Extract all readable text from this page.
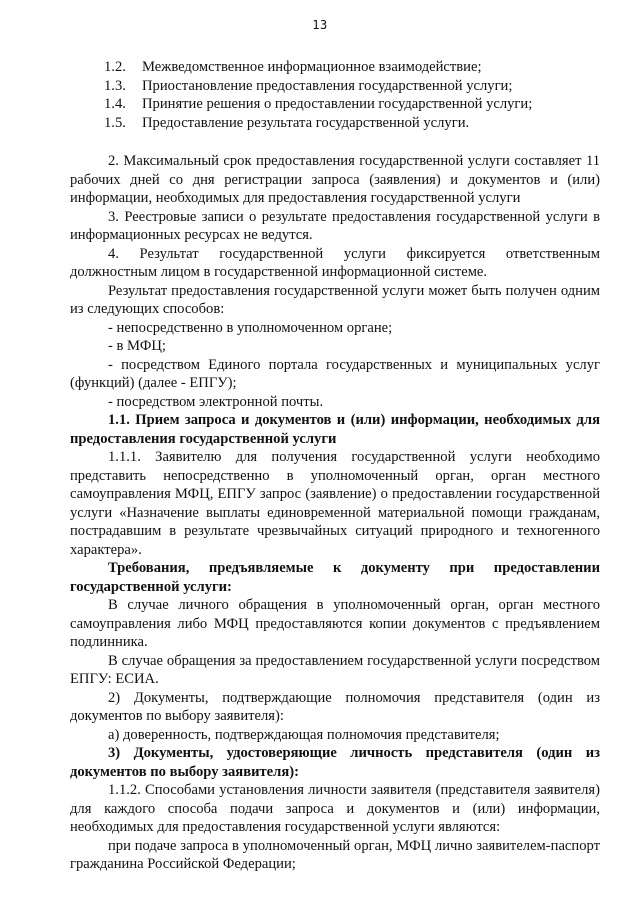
13
1.2.	Межведомственное информационное взаимодействие;
1.3.	Приостановление предоставления государственной услуги;
1.4.	Принятие решения о предоставлении государственной услуги;
1.5.	Предоставление результата государственной услуги.

2. Максимальный срок предоставления государственной услуги составляет 11 рабочих дней со дня регистрации запроса (заявления) и документов и (или) информации, необходимых для предоставления государственной услуги

3. Реестровые записи о результате предоставления государственной услуги в информационных ресурсах не ведутся.

4. Результат государственной услуги фиксируется ответственным должностным лицом в государственной информационной системе.

Результат предоставления государственной услуги может быть получен одним из следующих способов:

- непосредственно в уполномоченном органе;

- в МФЦ;

- посредством Единого портала государственных и муниципальных услуг (функций) (далее - ЕПГУ);

- посредством электронной почты.

1.1. Прием запроса и документов и (или) информации, необходимых для предоставления государственной услуги

1.1.1. Заявителю для получения государственной услуги необходимо представить непосредственно в уполномоченный орган, орган местного самоуправления МФЦ, ЕПГУ запрос (заявление) о предоставлении государственной услуги «Назначение выплаты единовременной материальной помощи гражданам, пострадавшим в результате чрезвычайных ситуаций природного и техногенного характера».

Требования, предъявляемые к документу при предоставлении государственной услуги:

В случае личного обращения в уполномоченный орган, орган местного самоуправления либо МФЦ предоставляются копии документов с предъявлением подлинника.

В случае обращения за предоставлением государственной услуги посредством ЕПГУ: ЕСИА.

2) Документы, подтверждающие полномочия представителя (один из документов по выбору заявителя):

а) доверенность, подтверждающая полномочия представителя;

3) Документы, удостоверяющие личность представителя (один из документов по выбору заявителя):

1.1.2. Способами установления личности заявителя (представителя заявителя) для каждого способа подачи запроса и документов и (или) информации, необходимых для предоставления государственной услуги являются:

при подаче запроса в уполномоченный орган, МФЦ лично заявителем-паспорт гражданина Российской Федерации;
